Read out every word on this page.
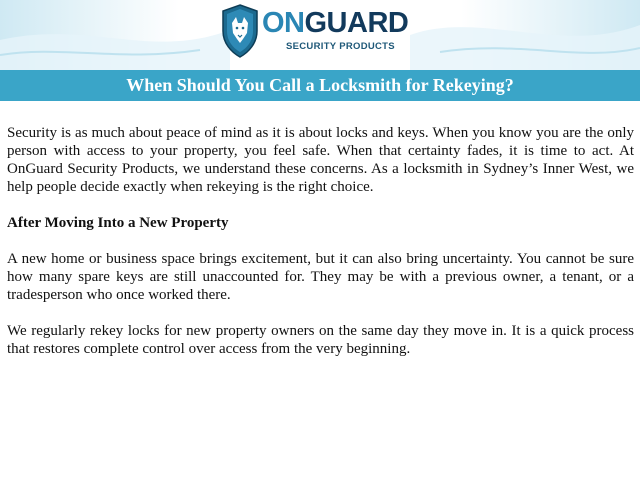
ONGUARD
SECURITY PRODUCTS
When Should You Call a Locksmith for Rekeying?

Security is as much about peace of mind as it is about locks and keys. When you know you are the only person with access to your property, you feel safe. When that certainty fades, it is time to act. At OnGuard Security Products, we understand these concerns. As a locksmith in Sydney’s Inner West, we help people decide exactly when rekeying is the right choice.

After Moving Into a New Property

A new home or business space brings excitement, but it can also bring uncertainty. You cannot be sure how many spare keys are still unaccounted for. They may be with a previous owner, a tenant, or a tradesperson who once worked there.

We regularly rekey locks for new property owners on the same day they move in. It is a quick process that restores complete control over access from the very beginning.
